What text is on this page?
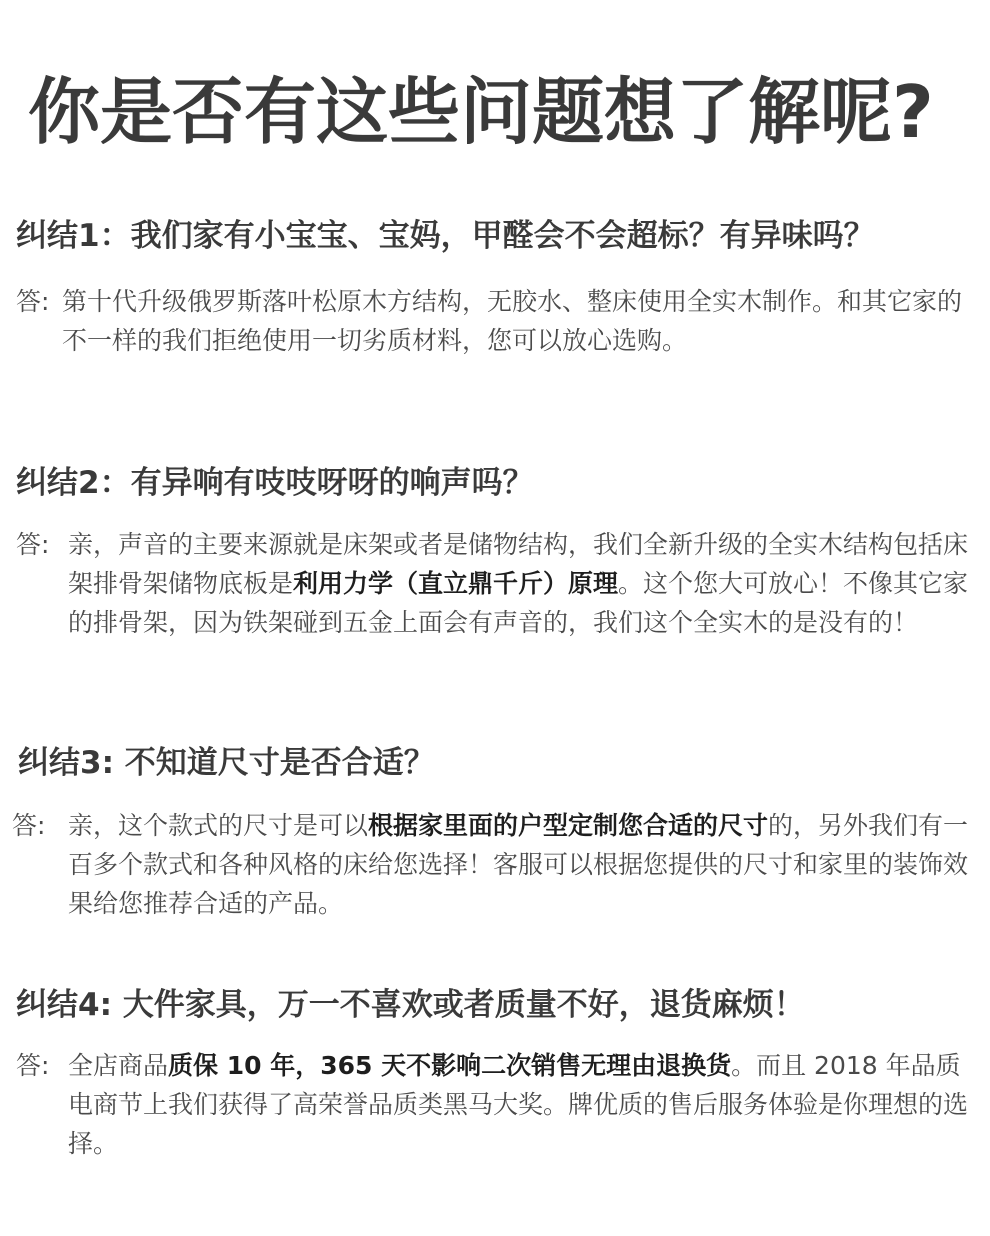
你是否有这些问题想了解呢?
纠结1：我们家有小宝宝、宝妈，甲醛会不会超标？有异味吗？
答: 第十代升级俄罗斯落叶松原木方结构，无胶水、整床使用全实木制作。和其它家的不一样的我们拒绝使用一切劣质材料，您可以放心选购。
纠结2：有异响有吱吱呀呀的响声吗？
答: 亲，声音的主要来源就是床架或者是储物结构，我们全新升级的全实木结构包括床架排骨架储物底板是利用力学（直立鼎千斤）原理。这个您大可放心！不像其它家的排骨架，因为铁架碰到五金上面会有声音的，我们这个全实木的是没有的！
纠结3: 不知道尺寸是否合适？
答: 亲，这个款式的尺寸是可以根据家里面的户型定制您合适的尺寸的，另外我们有一百多个款式和各种风格的床给您选择！客服可以根据您提供的尺寸和家里的装饰效果给您推荐合适的产品。
纠结4: 大件家具，万一不喜欢或者质量不好，退货麻烦！
答: 全店商品质保 10 年，365 天不影响二次销售无理由退换货。而且 2018 年品质电商节上我们获得了高荣誉品质类黑马大奖。牌优质的售后服务体验是你理想的选择。
